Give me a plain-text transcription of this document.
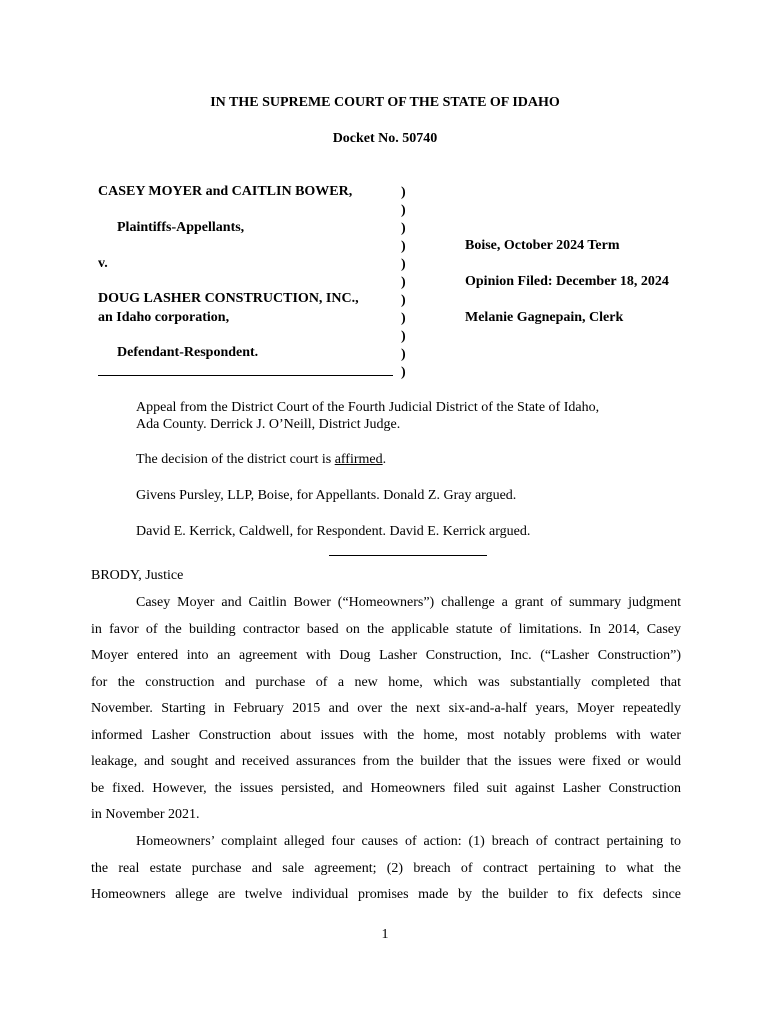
IN THE SUPREME COURT OF THE STATE OF IDAHO
Docket No. 50740
CASEY MOYER and CAITLIN BOWER,
Plaintiffs-Appellants,
v.
DOUG LASHER CONSTRUCTION, INC.,
an Idaho corporation,
Defendant-Respondent.
)
)
)
)
)
)
)
)
)
)
)
Boise, October 2024 Term
Opinion Filed: December 18, 2024
Melanie Gagnepain, Clerk
Appeal from the District Court of the Fourth Judicial District of the State of Idaho,
Ada County. Derrick J. O’Neill, District Judge.
The decision of the district court is affirmed.
Givens Pursley, LLP, Boise, for Appellants. Donald Z. Gray argued.
David E. Kerrick, Caldwell, for Respondent. David E. Kerrick argued.
BRODY, Justice
Casey Moyer and Caitlin Bower (“Homeowners”) challenge a grant of summary judgment
in favor of the building contractor based on the applicable statute of limitations. In 2014, Casey
Moyer entered into an agreement with Doug Lasher Construction, Inc. (“Lasher Construction”)
for the construction and purchase of a new home, which was substantially completed that
November. Starting in February 2015 and over the next six-and-a-half years, Moyer repeatedly
informed Lasher Construction about issues with the home, most notably problems with water
leakage, and sought and received assurances from the builder that the issues were fixed or would
be fixed. However, the issues persisted, and Homeowners filed suit against Lasher Construction
in November 2021.
Homeowners’ complaint alleged four causes of action: (1) breach of contract pertaining to
the real estate purchase and sale agreement; (2) breach of contract pertaining to what the
Homeowners allege are twelve individual promises made by the builder to fix defects since
1
